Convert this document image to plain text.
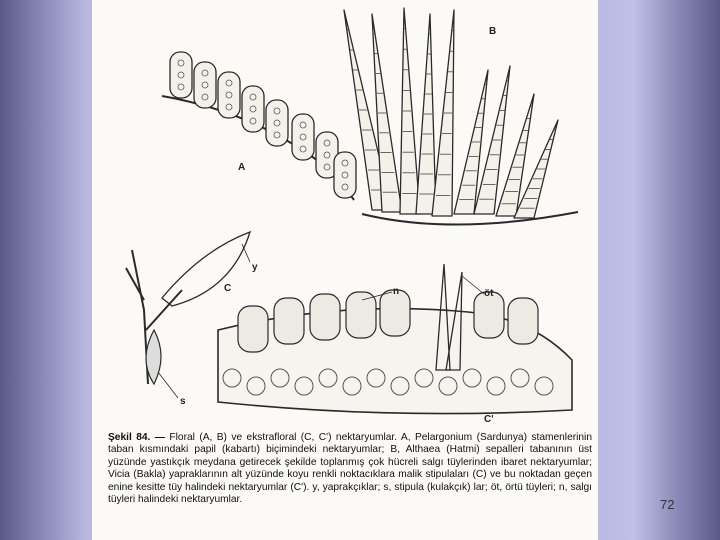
A
B
C
C'
y
s
n	öt
Şekil 84. — Floral (A, B) ve ekstrafloral (C, C') nektaryumlar. A, Pelargonium (Sardunya) stamenlerinin taban kısmındaki papil (kabartı) biçimindeki nektaryumlar; B, Althaea (Hatmi) sepalleri tabanının üst yüzünde yastıkçık meydana getirecek şekilde toplanmış çok hücreli salgı tüylerinden ibaret nektaryumlar; Vicia (Bakla) yapraklarının alt yüzünde koyu renkli noktacıklara malik stipulaları (C) ve bu noktadan geçen enine kesitte tüy halindeki nektaryumlar (C'). y, yaprakçıklar; s, stipula (kulakçık) lar; öt, örtü tüyleri; n, salgı tüyleri halindeki nektaryumlar.	72
